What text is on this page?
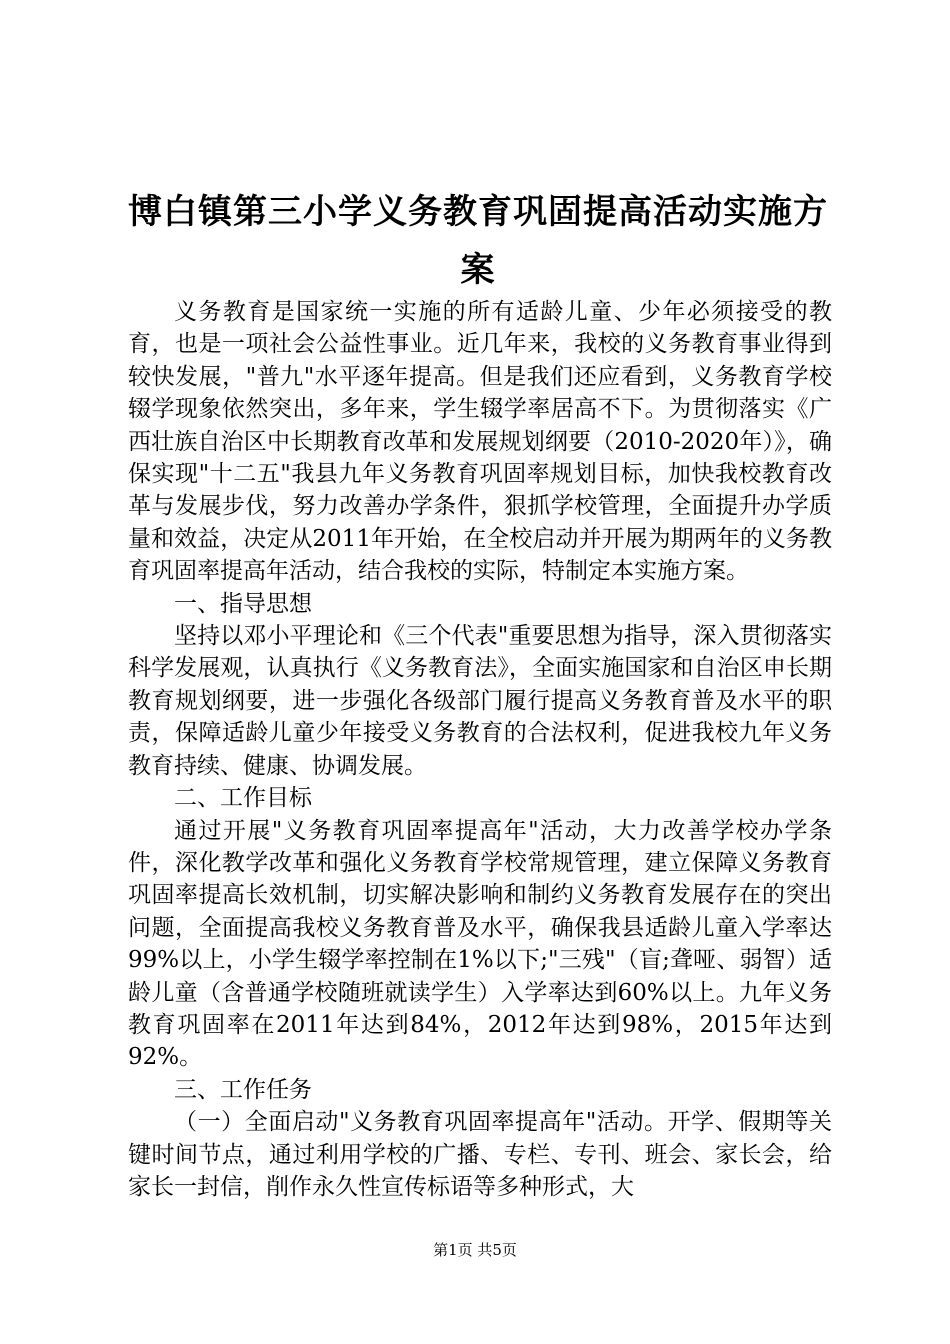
博白镇第三小学义务教育巩固提高活动实施方案

义务教育是国家统一实施的所有适龄儿童、少年必须接受的教育，也是一项社会公益性事业。近几年来，我校的义务教育事业得到较快发展，"普九"水平逐年提高。但是我们还应看到，义务教育学校辍学现象依然突出，多年来，学生辍学率居高不下。为贯彻落实《广西壮族自治区中长期教育改革和发展规划纲要（2010-2020年）》，确保实现"十二五"我县九年义务教育巩固率规划目标，加快我校教育改革与发展步伐，努力改善办学条件，狠抓学校管理，全面提升办学质量和效益，决定从2011年开始，在全校启动并开展为期两年的义务教育巩固率提高年活动，结合我校的实际，特制定本实施方案。

一、指导思想

坚持以邓小平理论和《三个代表"重要思想为指导，深入贯彻落实科学发展观，认真执行《义务教育法》，全面实施国家和自治区申长期教育规划纲要，进一步强化各级部门履行提高义务教育普及水平的职责，保障适龄儿童少年接受义务教育的合法权利，促进我校九年义务教育持续、健康、协调发展。

二、工作目标

通过开展"义务教育巩固率提高年"活动，大力改善学校办学条件，深化教学改革和强化义务教育学校常规管理，建立保障义务教育巩固率提高长效机制，切实解决影响和制约义务教育发展存在的突出问题，全面提高我校义务教育普及水平，确保我县适龄儿童入学率达99%以上，小学生辍学率控制在1%以下;"三残"（盲;聋哑、弱智）适龄儿童（含普通学校随班就读学生）入学率达到60%以上。九年义务教育巩固率在2011年达到84%，2012年达到98%，2015年达到92%。

三、工作任务

（一）全面启动"义务教育巩固率提高年"活动。开学、假期等关键时间节点，通过利用学校的广播、专栏、专刊、班会、家长会，给家长一封信，削作永久性宣传标语等多种形式，大

第1页 共5页
